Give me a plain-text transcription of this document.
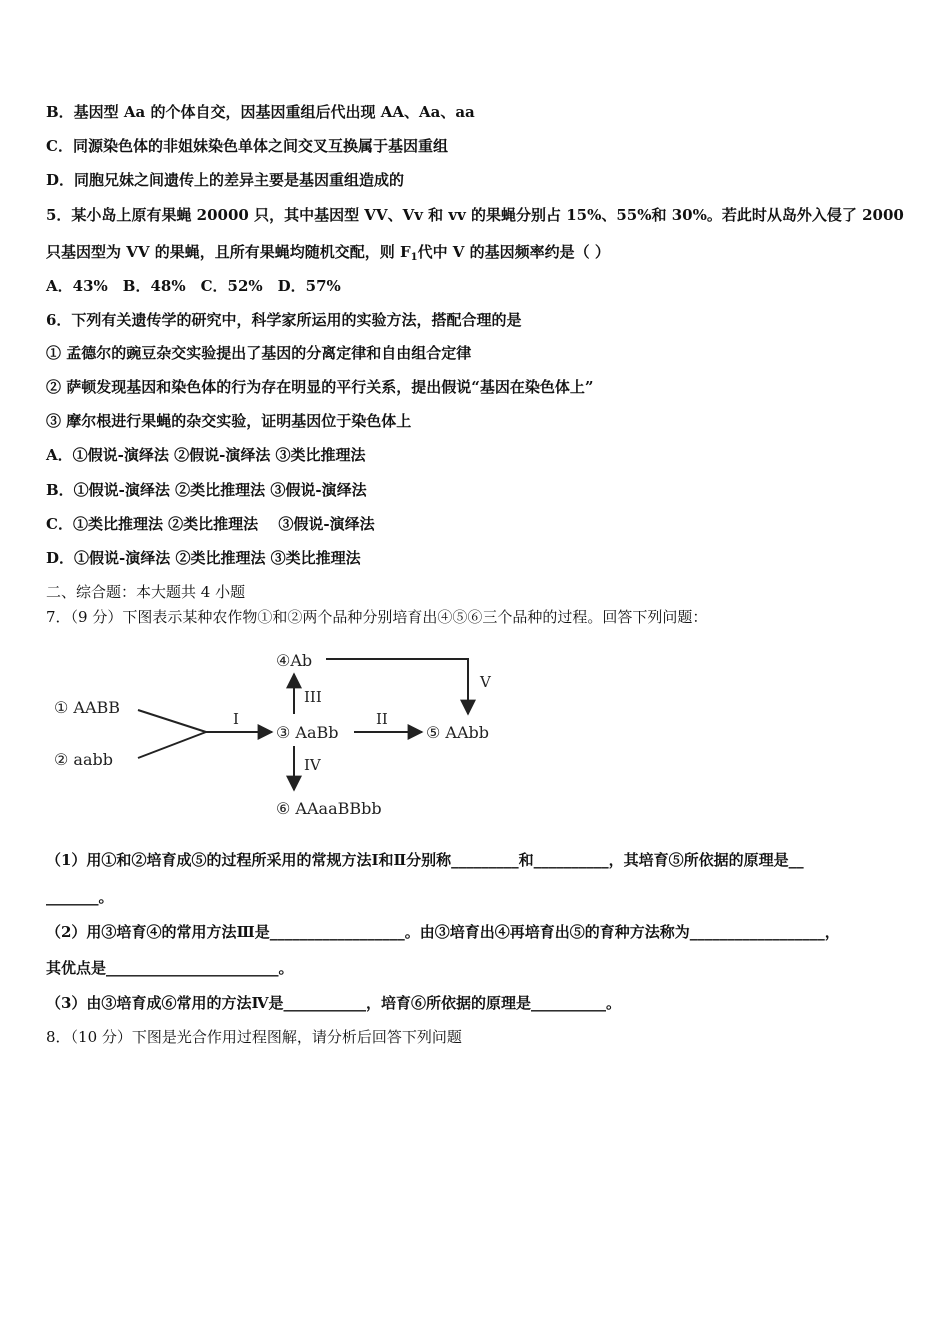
B．基因型 Aa 的个体自交，因基因重组后代出现 AA、Aa、aa
C．同源染色体的非姐妹染色单体之间交叉互换属于基因重组
D．同胞兄妹之间遗传上的差异主要是基因重组造成的
5．某小岛上原有果蝇 20000 只，其中基因型 VV、Vv 和 vv 的果蝇分别占 15%、55%和 30%。若此时从岛外入侵了 2000
只基因型为 VV 的果蝇，且所有果蝇均随机交配，则 $F_1$代中 V 的基因频率约是（ ）
A．43%　B．48%　C．52%　D．57%
6．下列有关遗传学的研究中，科学家所运用的实验方法，搭配合理的是
① 孟德尔的豌豆杂交实验提出了基因的分离定律和自由组合定律
② 萨顿发现基因和染色体的行为存在明显的平行关系，提出假说“基因在染色体上”
③ 摩尔根进行果蝇的杂交实验，证明基因位于染色体上
A．①假说-演绎法 ②假说-演绎法 ③类比推理法
B．①假说-演绎法 ②类比推理法 ③假说-演绎法
C．①类比推理法 ②类比推理法　 ③假说-演绎法
D．①假说-演绎法 ②类比推理法 ③类比推理法
二、综合题：本大题共 4 小题
7．（9 分）下图表示某种农作物①和②两个品种分别培育出④⑤⑥三个品种的过程。回答下列问题：
① AABB
② aabb
I
③ AaBb
II
⑤ AAbb
III
④Ab
V
IV
⑥ AAaaBBbb
（1）用①和②培育成⑤的过程所采用的常规方法Ⅰ和Ⅱ分别称_________和__________，其培育⑤所依据的原理是__
_______。
（2）用③培育④的常用方法Ⅲ是__________________。由③培育出④再培育出⑤的育种方法称为__________________，
其优点是_______________________。
（3）由③培育成⑥常用的方法Ⅳ是___________，培育⑥所依据的原理是__________。
8．（10 分）下图是光合作用过程图解，请分析后回答下列问题
